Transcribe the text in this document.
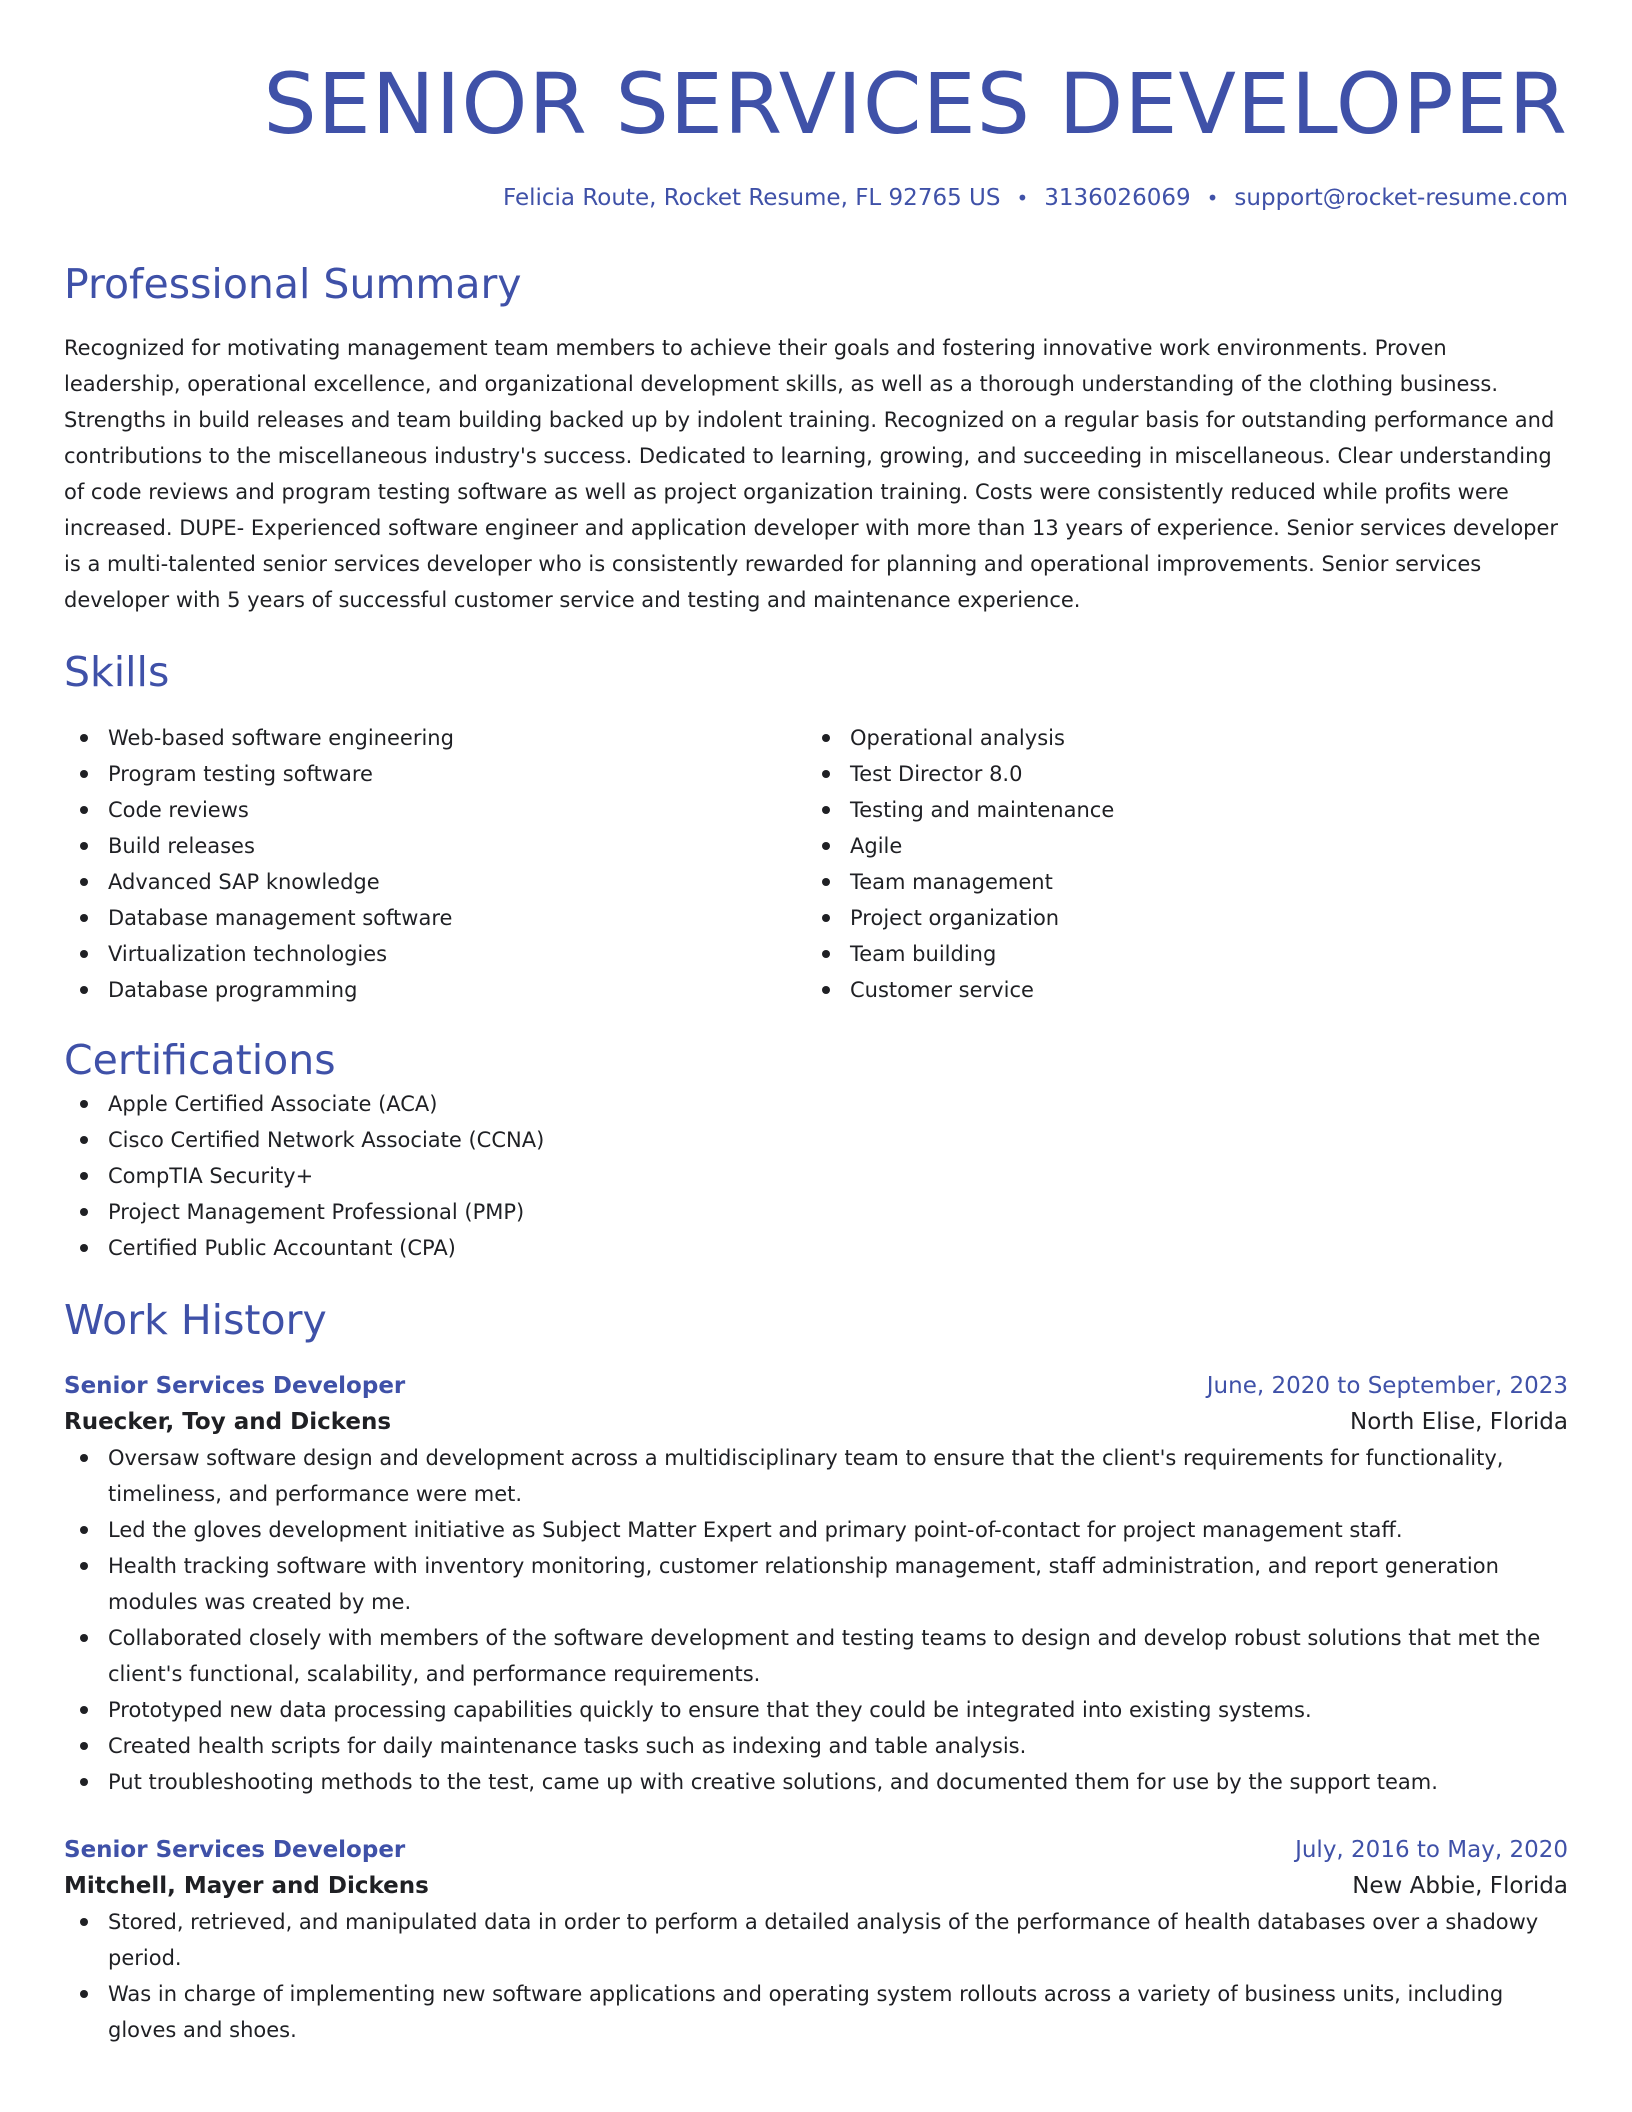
SENIOR SERVICES DEVELOPER
Felicia Route, Rocket Resume, FL 92765 US • 3136026069 • support@rocket-resume.com
Professional Summary

Recognized for motivating management team members to achieve their goals and fostering innovative work environments. Proven leadership, operational excellence, and organizational development skills, as well as a thorough understanding of the clothing business. Strengths in build releases and team building backed up by indolent training. Recognized on a regular basis for outstanding performance and contributions to the miscellaneous industry's success. Dedicated to learning, growing, and succeeding in miscellaneous. Clear understanding of code reviews and program testing software as well as project organization training. Costs were consistently reduced while profits were increased. DUPE- Experienced software engineer and application developer with more than 13 years of experience. Senior services developer is a multi-talented senior services developer who is consistently rewarded for planning and operational improvements. Senior services developer with 5 years of successful customer service and testing and maintenance experience.

Skills
Web-based software engineering
Program testing software
Code reviews
Build releases
Advanced SAP knowledge
Database management software
Virtualization technologies
Database programming
Operational analysis
Test Director 8.0
Testing and maintenance
Agile
Team management
Project organization
Team building
Customer service
Certifications
Apple Certified Associate (ACA)
Cisco Certified Network Associate (CCNA)
CompTIA Security+
Project Management Professional (PMP)
Certified Public Accountant (CPA)
Work History
Senior Services Developer	June, 2020 to September, 2023
Ruecker, Toy and Dickens	North Elise, Florida
Oversaw software design and development across a multidisciplinary team to ensure that the client's requirements for functionality, timeliness, and performance were met.
Led the gloves development initiative as Subject Matter Expert and primary point-of-contact for project management staff.
Health tracking software with inventory monitoring, customer relationship management, staff administration, and report generation modules was created by me.
Collaborated closely with members of the software development and testing teams to design and develop robust solutions that met the client's functional, scalability, and performance requirements.
Prototyped new data processing capabilities quickly to ensure that they could be integrated into existing systems.
Created health scripts for daily maintenance tasks such as indexing and table analysis.
Put troubleshooting methods to the test, came up with creative solutions, and documented them for use by the support team.
Senior Services Developer	July, 2016 to May, 2020
Mitchell, Mayer and Dickens	New Abbie, Florida
Stored, retrieved, and manipulated data in order to perform a detailed analysis of the performance of health databases over a shadowy period.
Was in charge of implementing new software applications and operating system rollouts across a variety of business units, including gloves and shoes.
